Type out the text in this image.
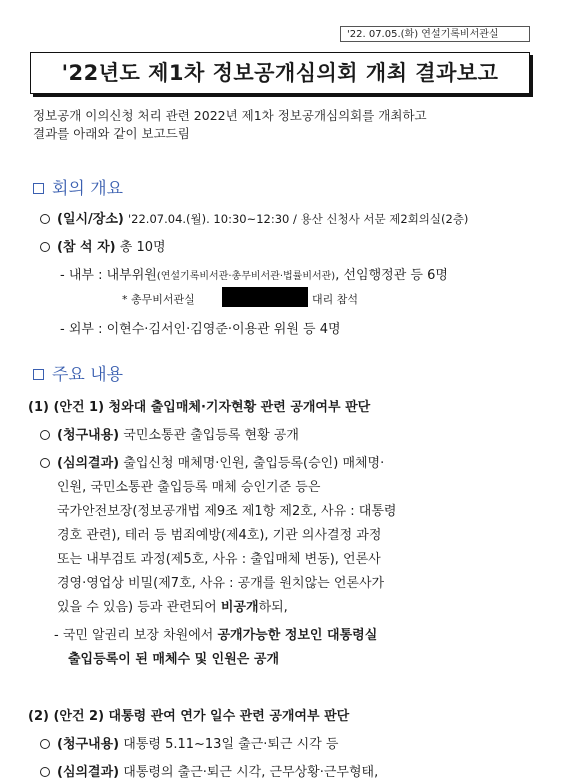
'22. 07.05.(화) 연설기록비서관실
'22년도 제1차 정보공개심의회 개최 결과보고
정보공개 이의신청 처리 관련 2022년 제1차 정보공개심의회를 개최하고
결과를 아래와 같이 보고드림
회의 개요
(일시/장소) '22.07.04.(월). 10:30~12:30 / 용산 신청사 서문 제2회의실(2층)
(참 석 자) 총 10명
- 내부 : 내부위원(연설기록비서관·총무비서관·법률비서관), 선임행정관 등 6명
* 총무비서관실	대리 참석
- 외부 : 이현수·김서인·김영준·이용관 위원 등 4명
주요 내용
(1) (안건 1) 청와대 출입매체·기자현황 관련 공개여부 판단
(청구내용) 국민소통관 출입등록 현황 공개
(심의결과) 출입신청 매체명·인원, 출입등록(승인) 매체명·
인원, 국민소통관 출입등록 매체 승인기준 등은
국가안전보장(정보공개법 제9조 제1항 제2호, 사유 : 대통령
경호 관련), 테러 등 범죄예방(제4호), 기관 의사결정 과정
또는 내부검토 과정(제5호, 사유 : 출입매체 변동), 언론사
경영·영업상 비밀(제7호, 사유 : 공개를 원치않는 언론사가
있을 수 있음) 등과 관련되어 비공개하되,
- 국민 알권리 보장 차원에서 공개가능한 정보인 대통령실
출입등록이 된 매체수 및 인원은 공개
(2) (안건 2) 대통령 관여 연가 일수 관련 공개여부 판단
(청구내용) 대통령 5.11~13일 출근·퇴근 시각 등
(심의결과) 대통령의 출근·퇴근 시각, 근무상황·근무형태,
